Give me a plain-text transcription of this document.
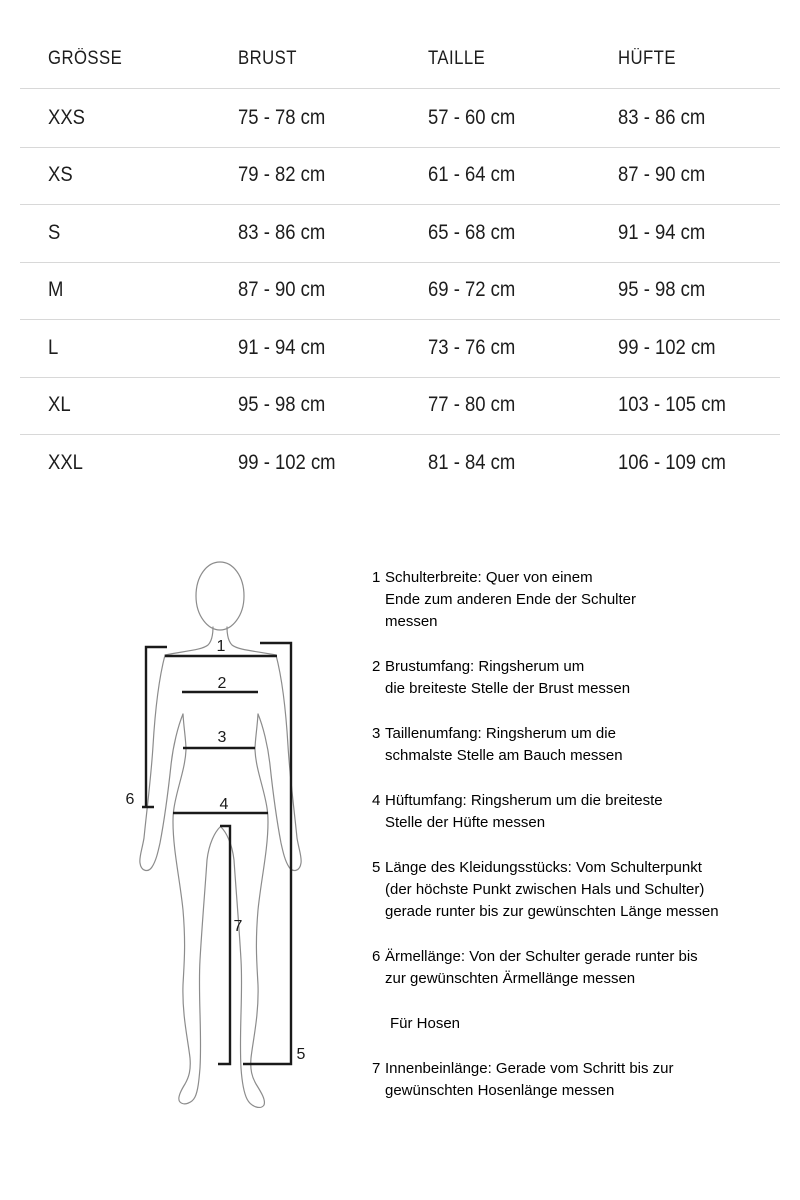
GRÖSSE	BRUST	TAILLE	HÜFTE
XXS	75 - 78 cm	57 - 60 cm	83 - 86 cm
XS	79 - 82 cm	61 - 64 cm	87 - 90 cm
S	83 - 86 cm	65 - 68 cm	91 - 94 cm
M	87 - 90 cm	69 - 72 cm	95 - 98 cm
L	91 - 94 cm	73 - 76 cm	99 - 102 cm
XL	95 - 98 cm	77 - 80 cm	103 - 105 cm
XXL	99 - 102 cm	81 - 84 cm	106 - 109 cm
1
2
3
4
5
6
7
1 Schulterbreite: Quer von einem
Ende zum anderen Ende der Schulter
messen
2 Brustumfang: Ringsherum um
die breiteste Stelle der Brust messen
3 Taillenumfang: Ringsherum um die
schmalste Stelle am Bauch messen
4 Hüftumfang: Ringsherum um die breiteste
Stelle der Hüfte messen
5 Länge des Kleidungsstücks: Vom Schulterpunkt
(der höchste Punkt zwischen Hals und Schulter)
gerade runter bis zur gewünschten Länge messen
6 Ärmellänge: Von der Schulter gerade runter bis
zur gewünschten Ärmellänge messen
Für Hosen
7 Innenbeinlänge: Gerade vom Schritt bis zur
gewünschten Hosenlänge messen
